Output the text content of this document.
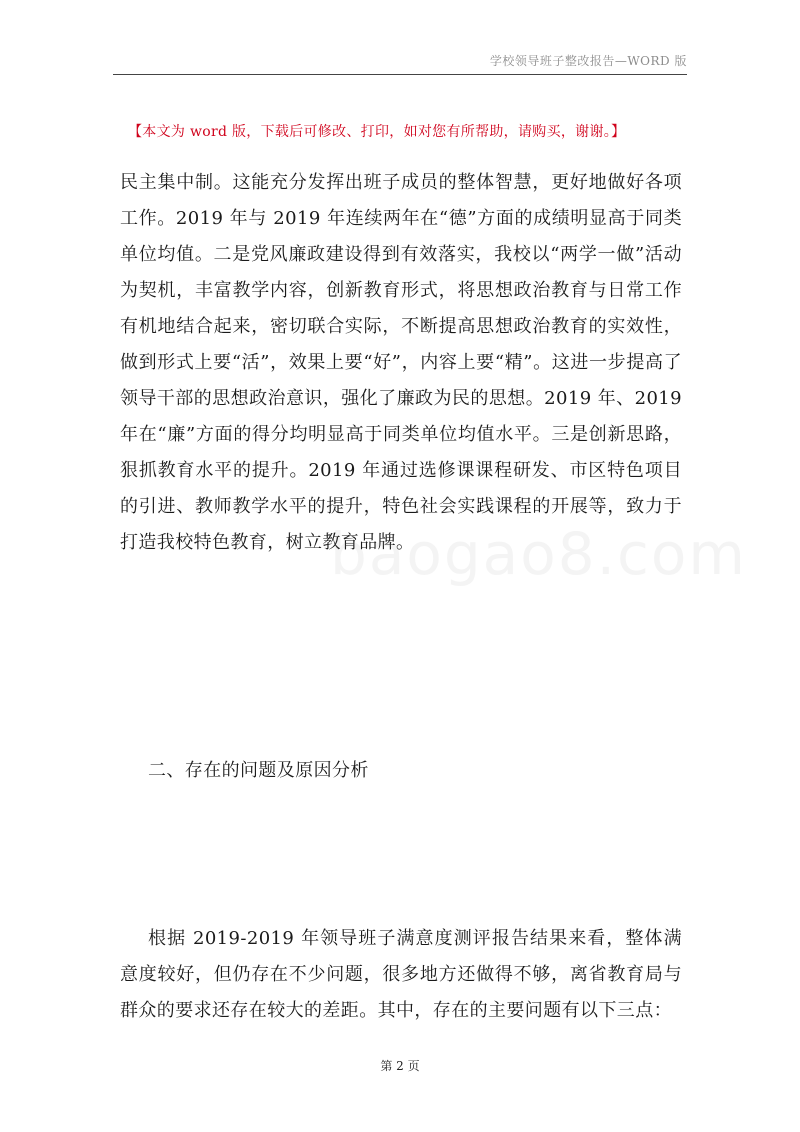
学校领导班子整改报告—WORD 版
【本文为 word 版，下载后可修改、打印，如对您有所帮助，请购买，谢谢。】
民主集中制。这能充分发挥出班子成员的整体智慧，更好地做好各项工作。2019 年与 2019 年连续两年在“德”方面的成绩明显高于同类单位均值。二是党风廉政建设得到有效落实，我校以“两学一做”活动为契机，丰富教学内容，创新教育形式，将思想政治教育与日常工作有机地结合起来，密切联合实际，不断提高思想政治教育的实效性，做到形式上要“活”，效果上要“好”，内容上要“精”。这进一步提高了领导干部的思想政治意识，强化了廉政为民的思想。2019 年、2019 年在“廉”方面的得分均明显高于同类单位均值水平。三是创新思路，狠抓教育水平的提升。2019 年通过选修课课程研发、市区特色项目的引进、教师教学水平的提升，特色社会实践课程的开展等，致力于打造我校特色教育，树立教育品牌。
baogao8.com
二、存在的问题及原因分析
根据 2019-2019 年领导班子满意度测评报告结果来看，整体满意度较好，但仍存在不少问题，很多地方还做得不够，离省教育局与群众的要求还存在较大的差距。其中，存在的主要问题有以下三点：
第 2 页
